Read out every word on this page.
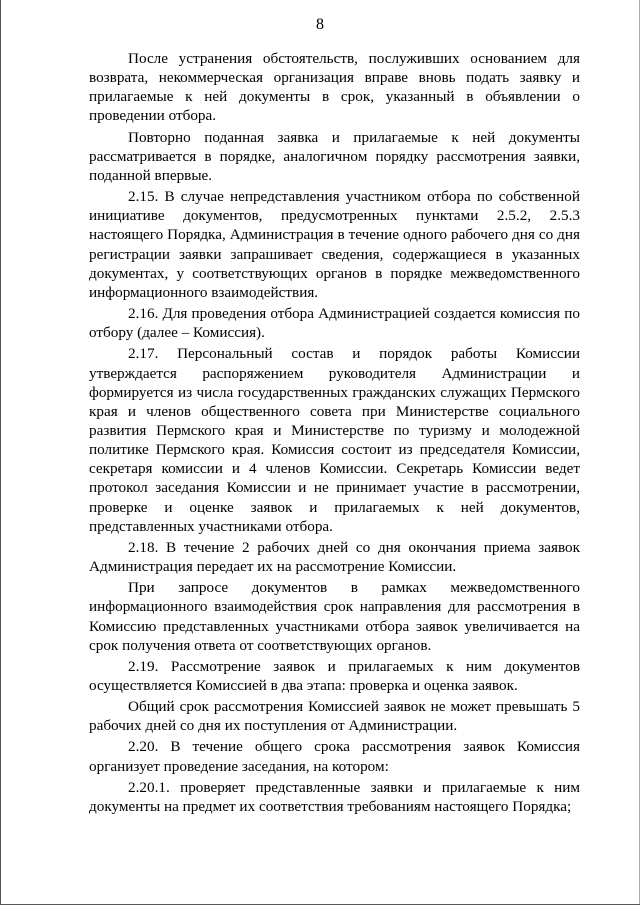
8

После устранения обстоятельств, послуживших основанием для возврата, некоммерческая организация вправе вновь подать заявку и прилагаемые к ней документы в срок, указанный в объявлении о проведении отбора.

Повторно поданная заявка и прилагаемые к ней документы рассматривается в порядке, аналогичном порядку рассмотрения заявки, поданной впервые.

2.15. В случае непредставления участником отбора по собственной инициативе документов, предусмотренных пунктами 2.5.2, 2.5.3 настоящего Порядка, Администрация в течение одного рабочего дня со дня регистрации заявки запрашивает сведения, содержащиеся в указанных документах, у соответствующих органов в порядке межведомственного информационного взаимодействия.

2.16. Для проведения отбора Администрацией создается комиссия по отбору (далее – Комиссия).

2.17. Персональный состав и порядок работы Комиссии утверждается распоряжением руководителя Администрации и формируется из числа государственных гражданских служащих Пермского края и членов общественного совета при Министерстве социального развития Пермского края и Министерстве по туризму и молодежной политике Пермского края. Комиссия состоит из председателя Комиссии, секретаря комиссии и 4 членов Комиссии. Секретарь Комиссии ведет протокол заседания Комиссии и не принимает участие в рассмотрении, проверке и оценке заявок и прилагаемых к ней документов, представленных участниками отбора.

2.18. В течение 2 рабочих дней со дня окончания приема заявок Администрация передает их на рассмотрение Комиссии.

При запросе документов в рамках межведомственного информационного взаимодействия срок направления для рассмотрения в Комиссию представленных участниками отбора заявок увеличивается на срок получения ответа от соответствующих органов.

2.19. Рассмотрение заявок и прилагаемых к ним документов осуществляется Комиссией в два этапа: проверка и оценка заявок.

Общий срок рассмотрения Комиссией заявок не может превышать 5 рабочих дней со дня их поступления от Администрации.

2.20. В течение общего срока рассмотрения заявок Комиссия организует проведение заседания, на котором:

2.20.1. проверяет представленные заявки и прилагаемые к ним документы на предмет их соответствия требованиям настоящего Порядка;
